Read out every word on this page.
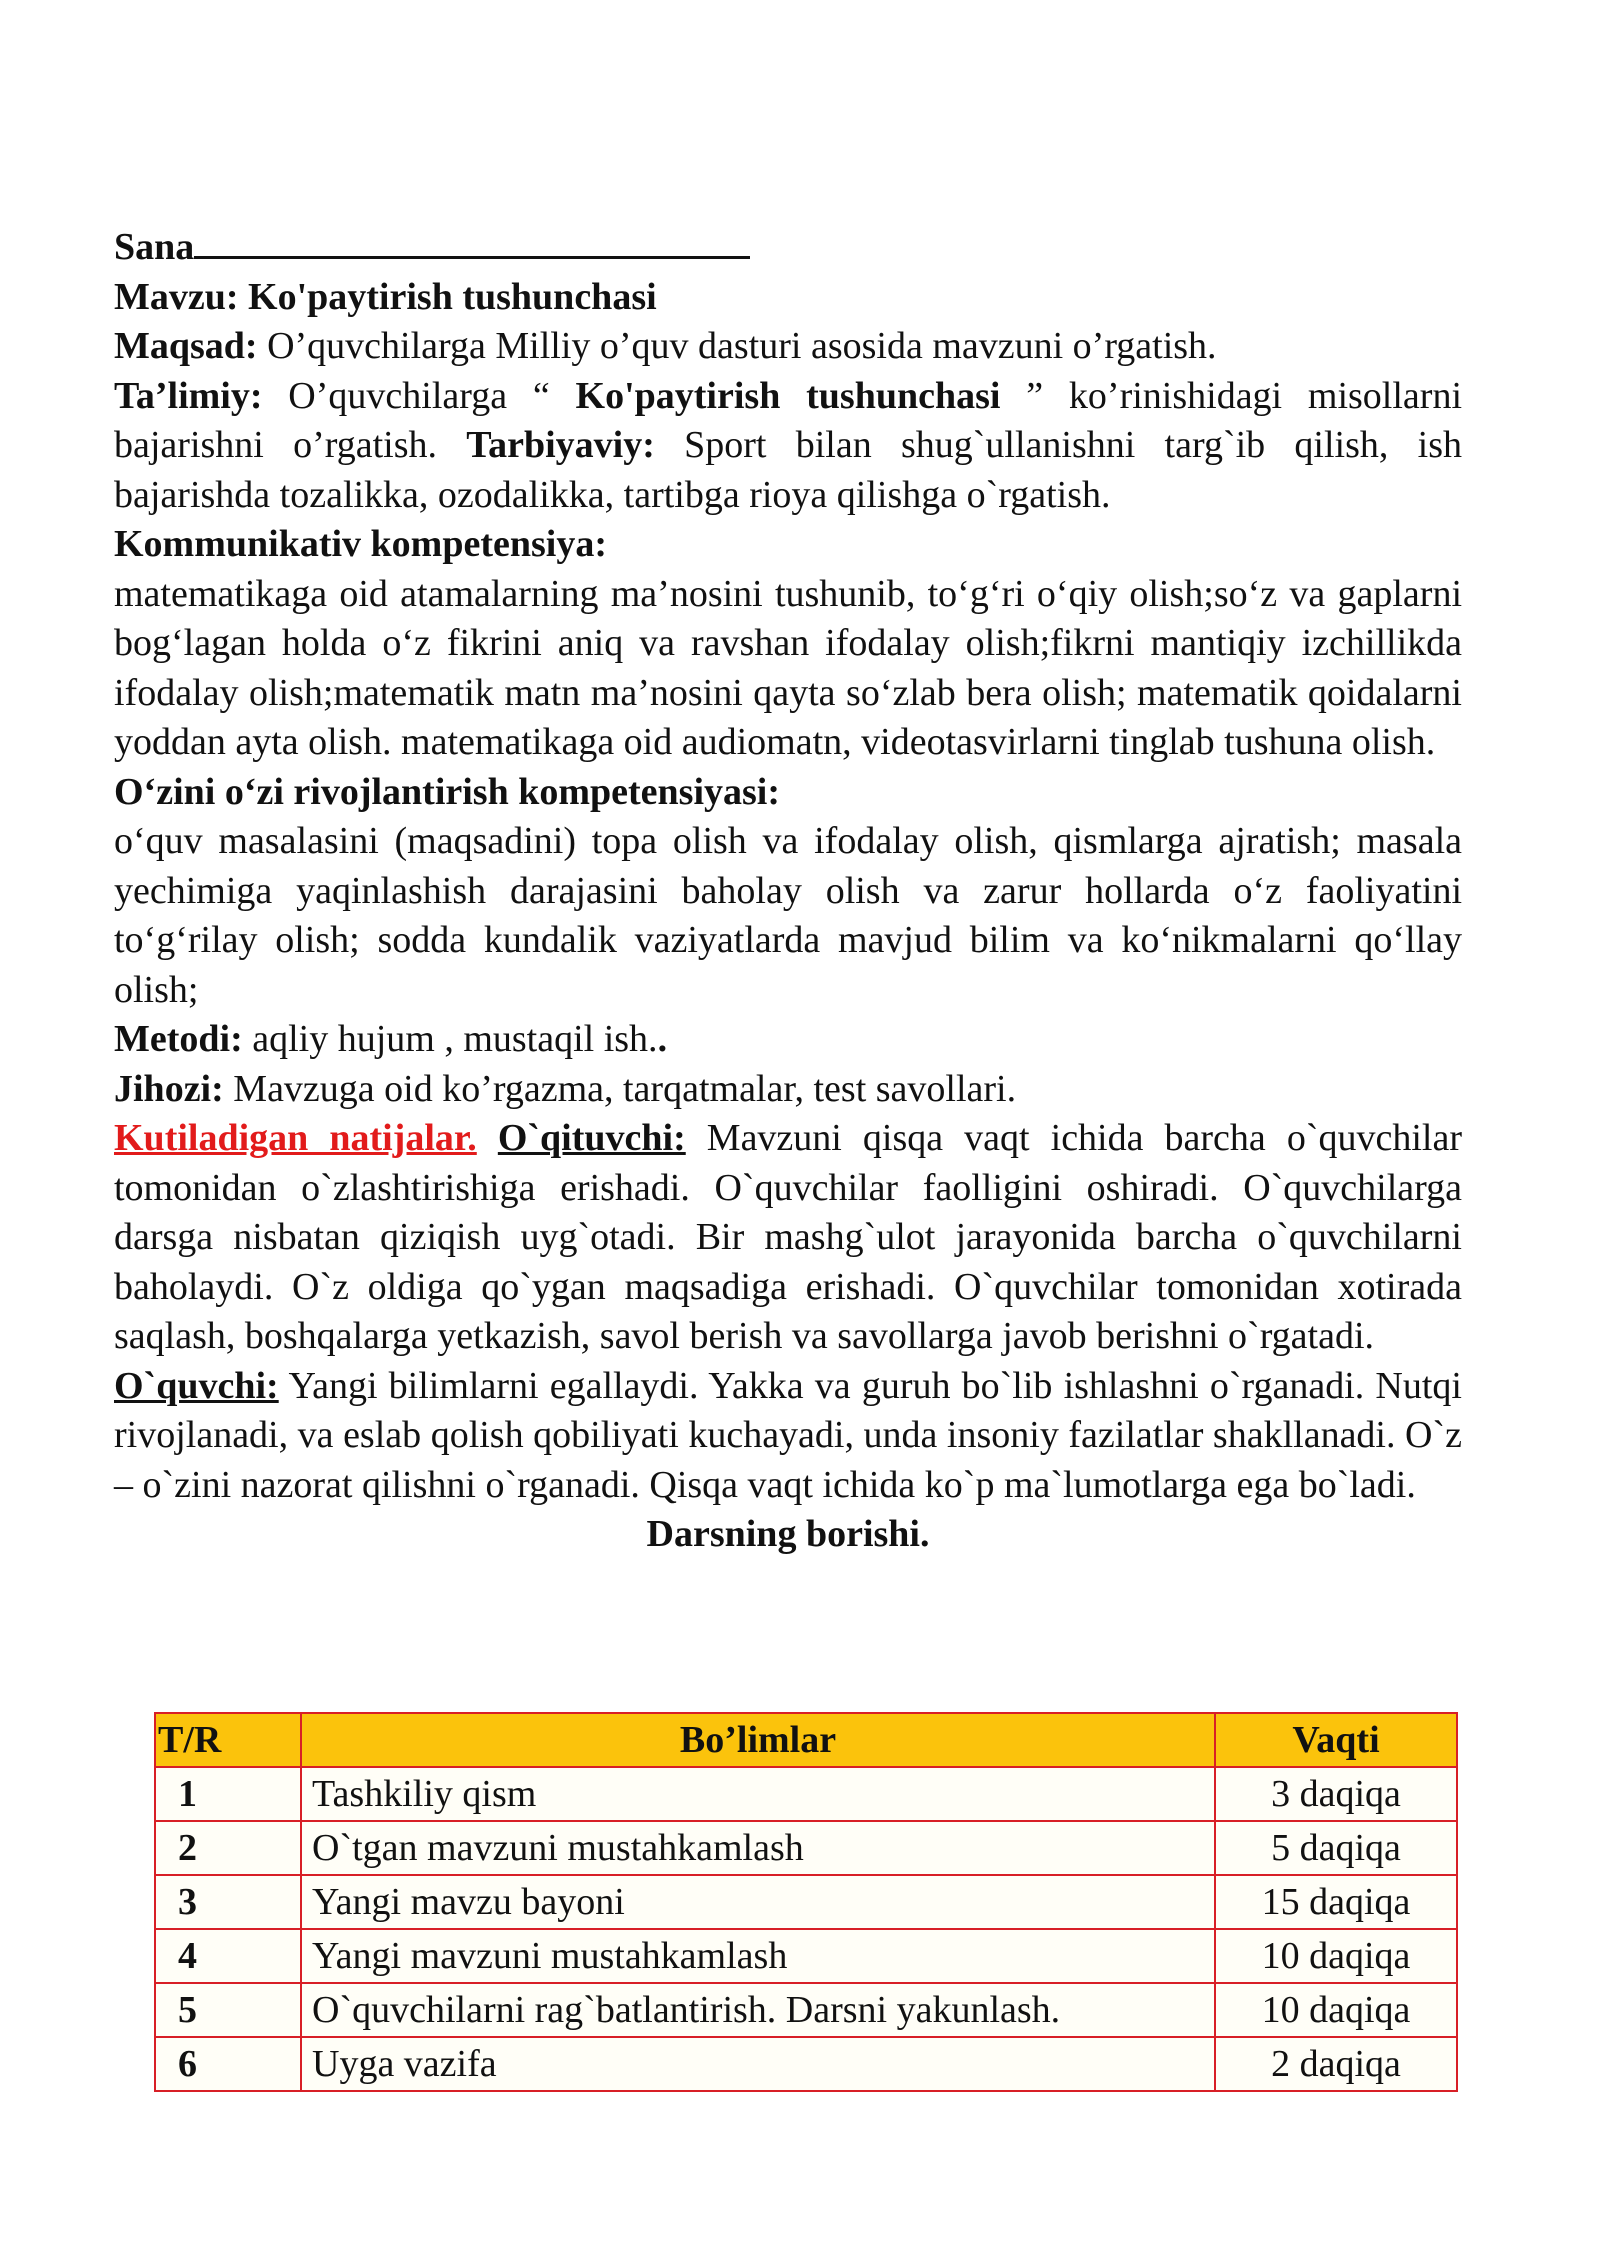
Sana

Mavzu: Ko'paytirish tushunchasi

Maqsad: O’quvchilarga Milliy o’quv dasturi asosida mavzuni o’rgatish.

Ta’limiy: O’quvchilarga “ Ko'paytirish tushunchasi ” ko’rinishidagi misollarni bajarishni o’rgatish. Tarbiyaviy: Sport bilan shug`ullanishni targ`ib qilish, ish bajarishda tozalikka, ozodalikka, tartibga rioya qilishga o`rgatish.

Kommunikativ kompetensiya:

matematikaga oid atamalarning ma’nosini tushunib, to‘g‘ri o‘qiy olish;so‘z va gaplarni bog‘lagan holda o‘z fikrini aniq va ravshan ifodalay olish;fikrni mantiqiy izchillikda ifodalay olish;matematik matn ma’nosini qayta so‘zlab bera olish; matematik qoidalarni yoddan ayta olish. matematikaga oid audiomatn, videotasvirlarni tinglab tushuna olish.

O‘zini o‘zi rivojlantirish kompetensiyasi:

o‘quv masalasini (maqsadini) topa olish va ifodalay olish, qismlarga ajratish; masala yechimiga yaqinlashish darajasini baholay olish va zarur hollarda o‘z faoliyatini to‘g‘rilay olish; sodda kundalik vaziyatlarda mavjud bilim va ko‘nikmalarni qo‘llay olish;

Metodi: aqliy hujum , mustaqil ish..

Jihozi: Mavzuga oid ko’rgazma, tarqatmalar, test savollari.

Kutiladigan natijalar. O`qituvchi: Mavzuni qisqa vaqt ichida barcha o`quvchilar tomonidan o`zlashtirishiga erishadi. O`quvchilar faolligini oshiradi. O`quvchilarga darsga nisbatan qiziqish uyg`otadi. Bir mashg`ulot jarayonida barcha o`quvchilarni baholaydi. O`z oldiga qo`ygan maqsadiga erishadi. O`quvchilar tomonidan xotirada saqlash, boshqalarga yetkazish, savol berish va savollarga javob berishni o`rgatadi.

O`quvchi: Yangi bilimlarni egallaydi. Yakka va guruh bo`lib ishlashni o`rganadi. Nutqi rivojlanadi, va eslab qolish qobiliyati kuchayadi, unda insoniy fazilatlar shakllanadi. O`z – o`zini nazorat qilishni o`rganadi. Qisqa vaqt ichida ko`p ma`lumotlarga ega bo`ladi.

Darsning borishi.

T/R	Bo’limlar	Vaqti
1	Tashkiliy qism	3 daqiqa
2	O`tgan mavzuni mustahkamlash	5 daqiqa
3	Yangi mavzu bayoni	15 daqiqa
4	Yangi mavzuni mustahkamlash	10 daqiqa
5	O`quvchilarni rag`batlantirish. Darsni yakunlash.	10 daqiqa
6	Uyga vazifa	2 daqiqa
